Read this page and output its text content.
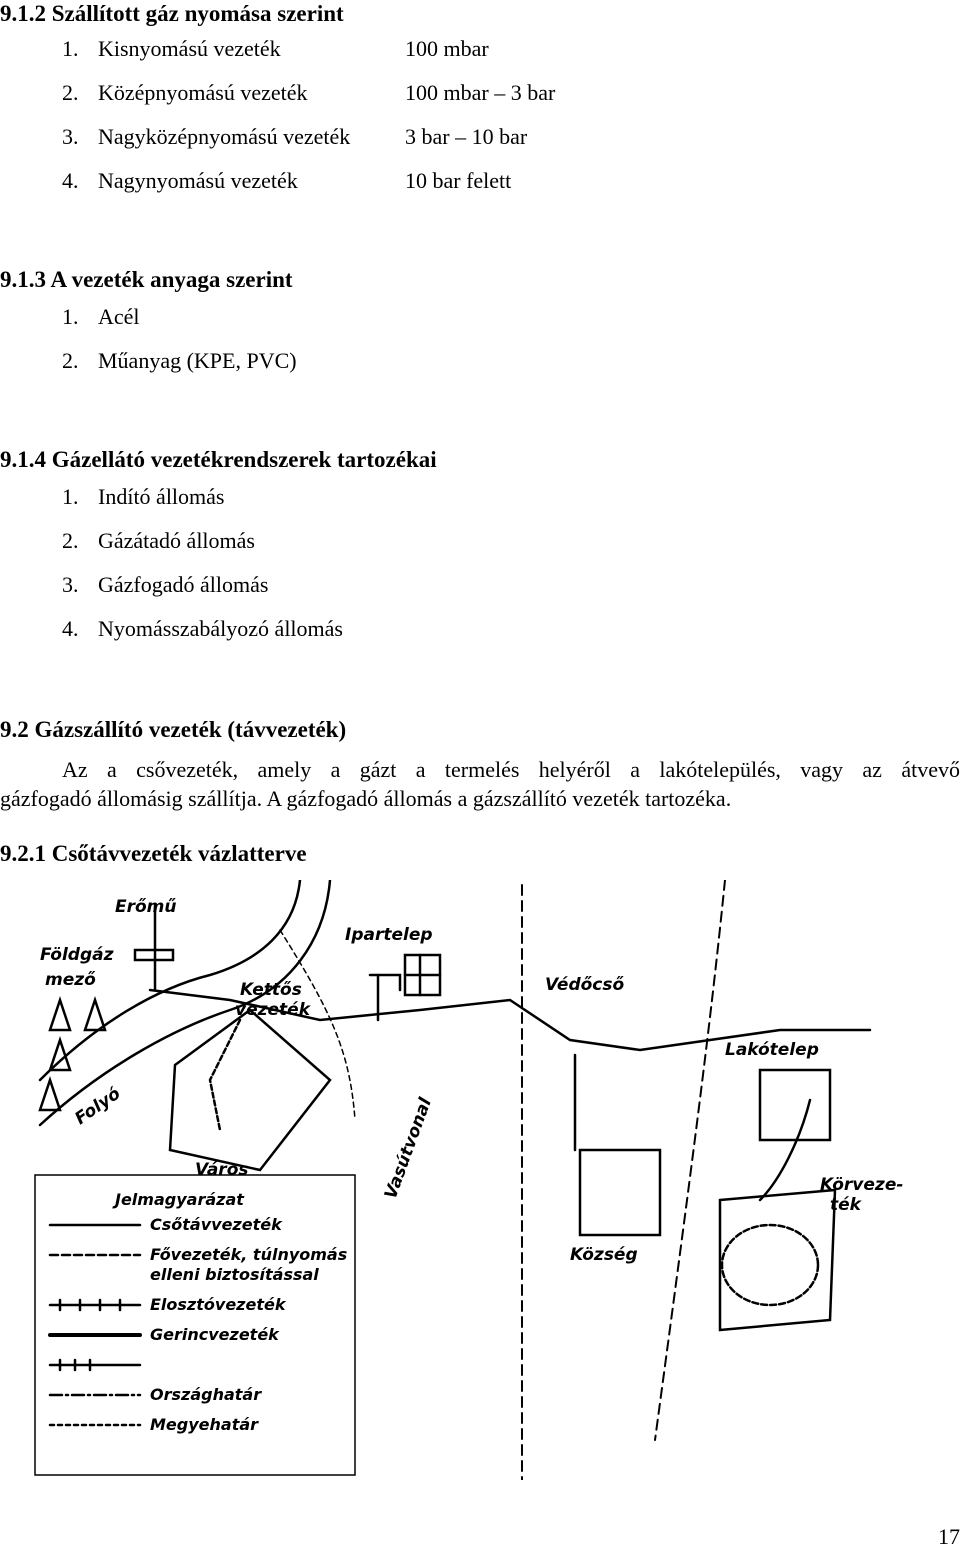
9.1.2 Szállított gáz nyomása szerint
1. Kisnyomású vezeték	100 mbar
2. Középnyomású vezeték	100 mbar – 3 bar
3. Nagyközépnyomású vezeték 3 bar – 10 bar
4. Nagynyomású vezeték	10 bar felett
9.1.3 A vezeték anyaga szerint
1. Acél
2. Műanyag (KPE, PVC)
9.1.4 Gázellátó vezetékrendszerek tartozékai
1. Indító állomás
2. Gázátadó állomás
3. Gázfogadó állomás
4. Nyomásszabályozó állomás
9.2 Gázszállító vezeték (távvezeték)
Az a csővezeték, amely a gázt a termelés helyéről a lakótelepülés, vagy az átvevő
gázfogadó állomásig szállítja. A gázfogadó állomás a gázszállító vezeték tartozéka.
9.2.1 Csőtávvezeték vázlatterve
Erőmű
Földgáz
mező	Kettős
vezeték
Ipartelep
Védőcső
Lakótelep
Folyó
Város	Vasútvonal
Község
Körveze-
ték
Jelmagyarázat
Csőtávvezeték
Fővezeték, túlnyomás
elleni biztosítással
Elosztóvezeték
Gerincvezeték
Országhatár
Megyehatár
17
